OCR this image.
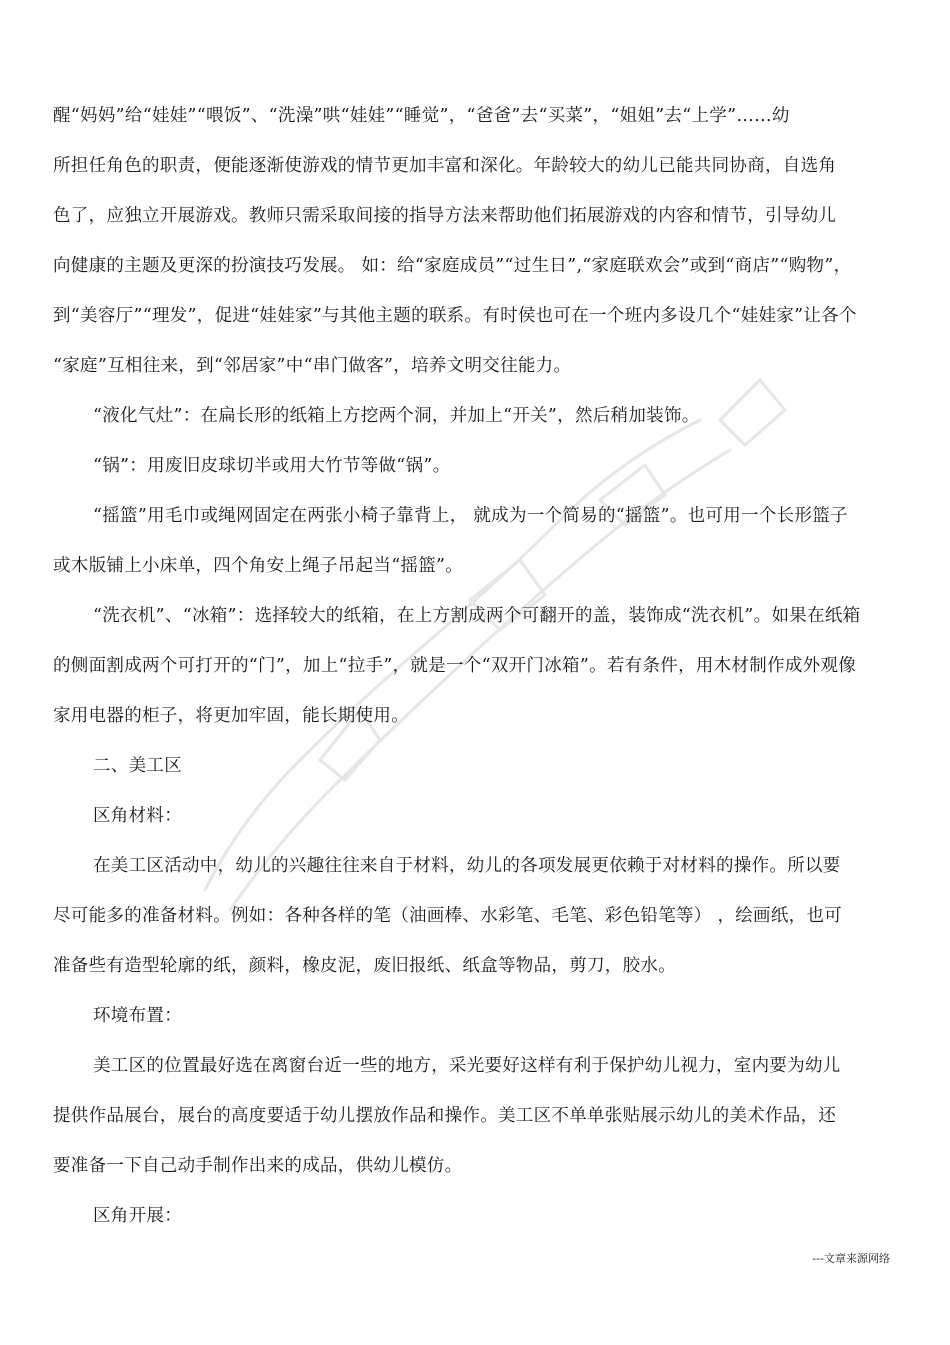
醒“妈妈”给“娃娃”“喂饭”、“洗澡”哄“娃娃”“睡觉”，“爸爸”去“买菜”，“姐姐”去“上学”……幼
所担任角色的职责，便能逐渐使游戏的情节更加丰富和深化。年龄较大的幼儿已能共同协商，自选角
色了，应独立开展游戏。教师只需采取间接的指导方法来帮助他们拓展游戏的内容和情节，引导幼儿
向健康的主题及更深的扮演技巧发展。 如：给“家庭成员”“过生日”,“家庭联欢会”或到“商店”“购物”，
到“美容厅”“理发”，促进“娃娃家”与其他主题的联系。有时侯也可在一个班内多设几个“娃娃家”让各个
“家庭”互相往来，到“邻居家”中“串门做客”，培养文明交往能力。
“液化气灶”：在扁长形的纸箱上方挖两个洞，并加上“开关”，然后稍加装饰。
“锅”：用废旧皮球切半或用大竹节等做“锅”。
“摇篮”用毛巾或绳网固定在两张小椅子靠背上， 就成为一个简易的“摇篮”。也可用一个长形篮子
或木版铺上小床单，四个角安上绳子吊起当“摇篮”。
“洗衣机”、“冰箱”：选择较大的纸箱，在上方割成两个可翻开的盖，装饰成“洗衣机”。如果在纸箱
的侧面割成两个可打开的“门”，加上“拉手”，就是一个“双开门冰箱”。若有条件，用木材制作成外观像
家用电器的柜子，将更加牢固，能长期使用。
二、美工区
区角材料：
在美工区活动中，幼儿的兴趣往往来自于材料，幼儿的各项发展更依赖于对材料的操作。所以要
尽可能多的准备材料。例如：各种各样的笔（油画棒、水彩笔、毛笔、彩色铅笔等） ，绘画纸，也可
准备些有造型轮廓的纸，颜料，橡皮泥，废旧报纸、纸盒等物品，剪刀，胶水。
环境布置：
美工区的位置最好选在离窗台近一些的地方，采光要好这样有利于保护幼儿视力，室内要为幼儿
提供作品展台，展台的高度要适于幼儿摆放作品和操作。美工区不单单张贴展示幼儿的美术作品，还
要准备一下自己动手制作出来的成品，供幼儿模仿。
区角开展：
---文章来源网络
